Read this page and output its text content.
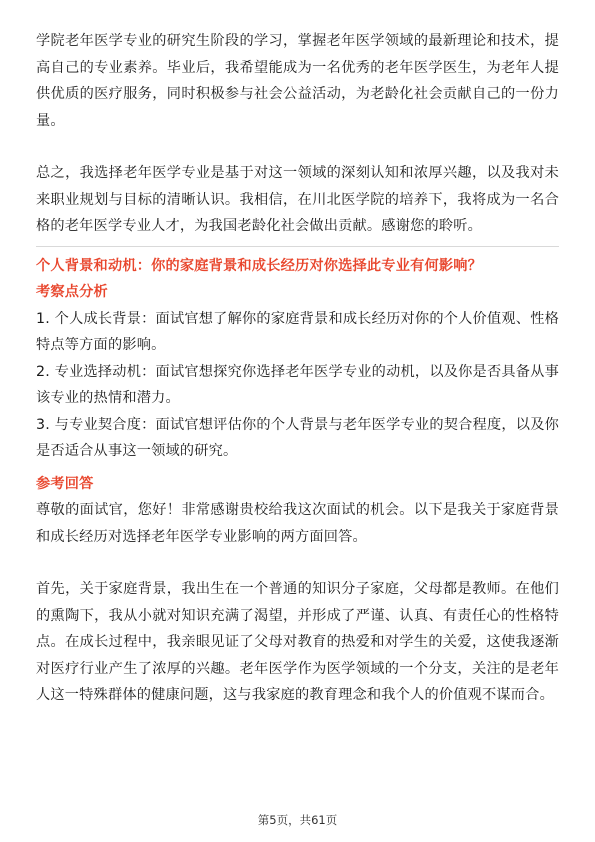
学院老年医学专业的研究生阶段的学习，掌握老年医学领域的最新理论和技术，提高自己的专业素养。毕业后，我希望能成为一名优秀的老年医学医生，为老年人提供优质的医疗服务，同时积极参与社会公益活动，为老龄化社会贡献自己的一份力量。

总之，我选择老年医学专业是基于对这一领域的深刻认知和浓厚兴趣，以及我对未来职业规划与目标的清晰认识。我相信，在川北医学院的培养下，我将成为一名合格的老年医学专业人才，为我国老龄化社会做出贡献。感谢您的聆听。

个人背景和动机：你的家庭背景和成长经历对你选择此专业有何影响？

考察点分析

1. 个人成长背景：面试官想了解你的家庭背景和成长经历对你的个人价值观、性格特点等方面的影响。

2. 专业选择动机：面试官想探究你选择老年医学专业的动机，以及你是否具备从事该专业的热情和潜力。

3. 与专业契合度：面试官想评估你的个人背景与老年医学专业的契合程度，以及你是否适合从事这一领域的研究。

参考回答

尊敬的面试官，您好！非常感谢贵校给我这次面试的机会。以下是我关于家庭背景和成长经历对选择老年医学专业影响的两方面回答。

首先，关于家庭背景，我出生在一个普通的知识分子家庭，父母都是教师。在他们的熏陶下，我从小就对知识充满了渴望，并形成了严谨、认真、有责任心的性格特点。在成长过程中，我亲眼见证了父母对教育的热爱和对学生的关爱，这使我逐渐对医疗行业产生了浓厚的兴趣。老年医学作为医学领域的一个分支，关注的是老年人这一特殊群体的健康问题，这与我家庭的教育理念和我个人的价值观不谋而合。

第5页，共61页
